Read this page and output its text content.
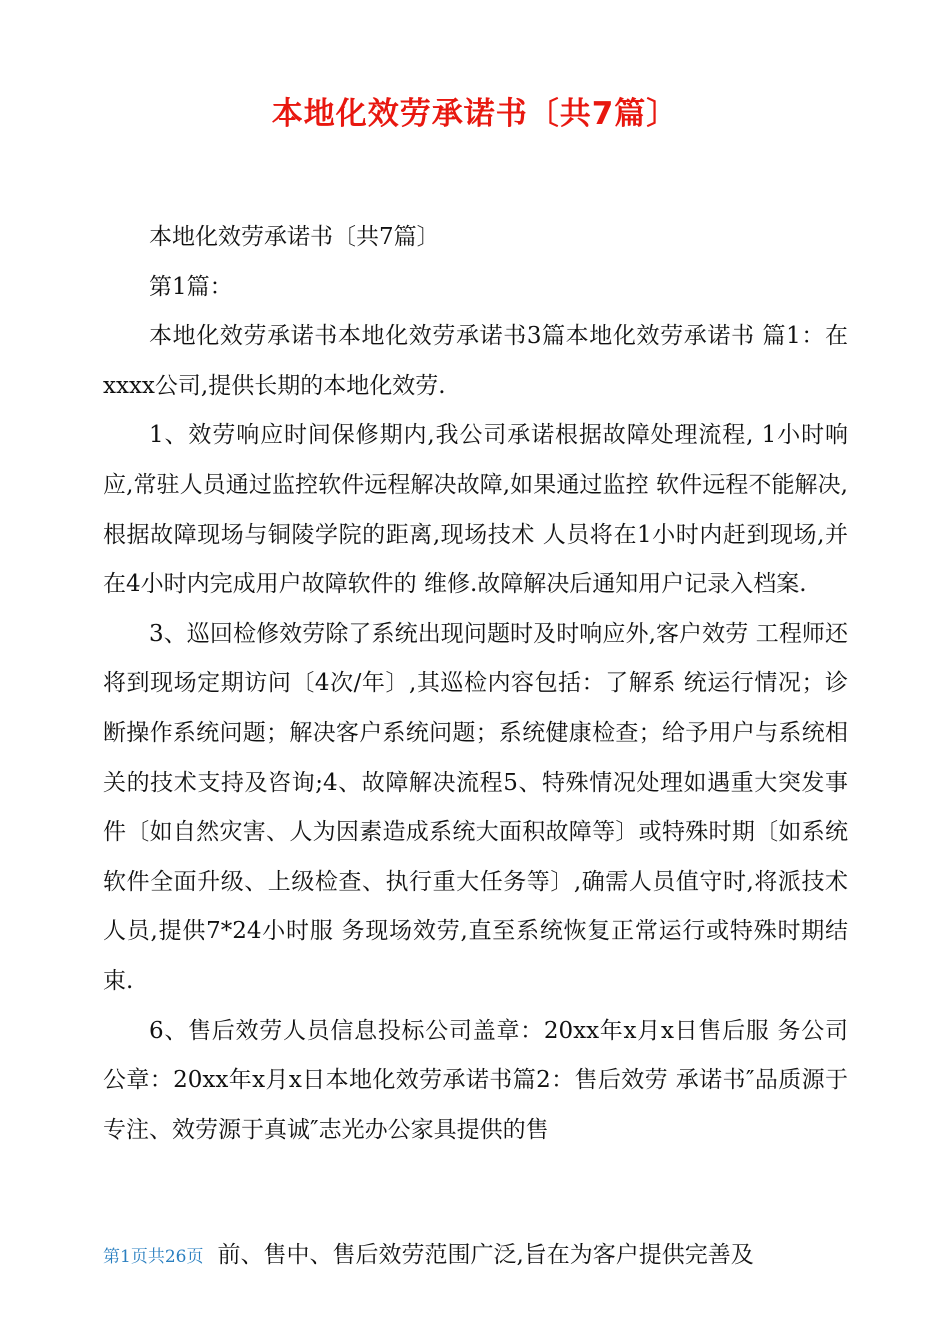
本地化效劳承诺书〔共7篇〕

本地化效劳承诺书〔共7篇〕

第1篇：

本地化效劳承诺书本地化效劳承诺书3篇本地化效劳承诺书 篇1：在xxxx公司,提供长期的本地化效劳.

1、效劳响应时间保修期内,我公司承诺根据故障处理流程, 1小时响应,常驻人员通过监控软件远程解决故障,如果通过监控 软件远程不能解决,根据故障现场与铜陵学院的距离,现场技术 人员将在1小时内赶到现场,并在4小时内完成用户故障软件的 维修.故障解决后通知用户记录入档案.

3、巡回检修效劳除了系统出现问题时及时响应外,客户效劳 工程师还将到现场定期访问〔4次/年〕,其巡检内容包括：了解系 统运行情况；诊断操作系统问题；解决客户系统问题；系统健康检查；给予用户与系统相关的技术支持及咨询;4、故障解决流程5、特殊情况处理如遇重大突发事件〔如自然灾害、人为因素造成系统大面积故障等〕或特殊时期〔如系统软件全面升级、上级检查、执行重大任务等〕,确需人员值守时,将派技术人员,提供7*24小时服 务现场效劳,直至系统恢复正常运行或特殊时期结束.

6、售后效劳人员信息投标公司盖章：20xx年x月x日售后服 务公司公章：20xx年x月x日本地化效劳承诺书篇2：售后效劳 承诺书″品质源于专注、效劳源于真诚″志光办公家具提供的售

第1页共26页 前、售中、售后效劳范围广泛,旨在为客户提供完善及
